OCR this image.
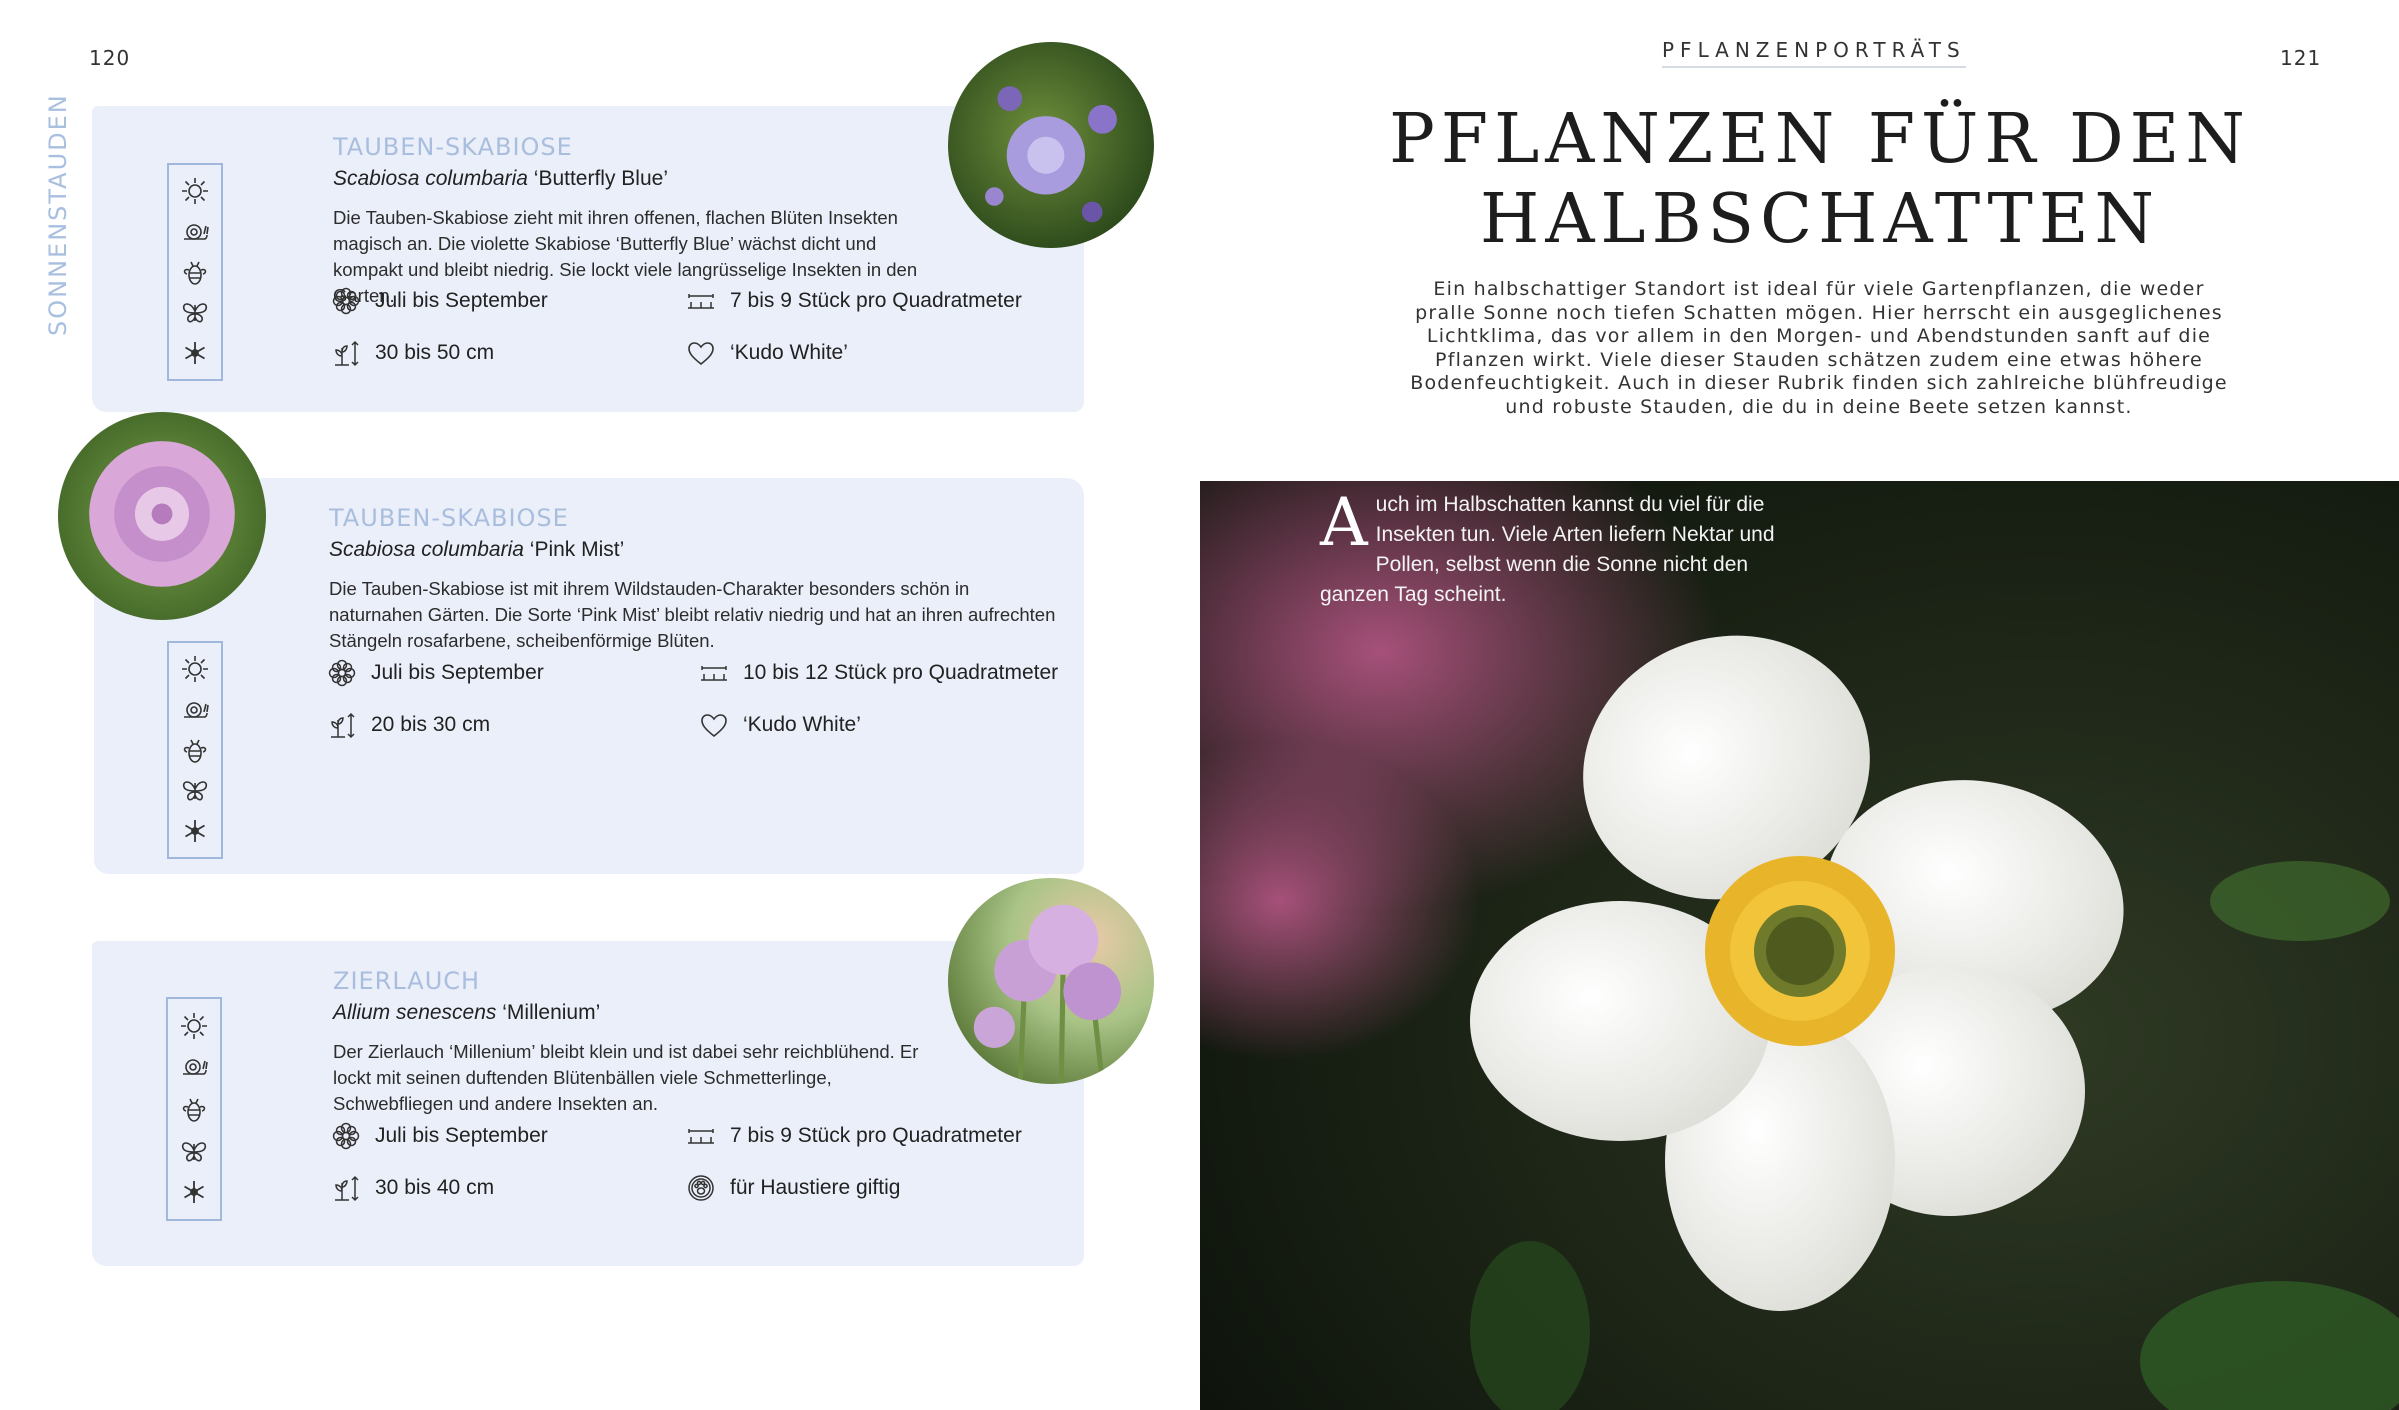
120	121
SONNENSTAUDEN	TAUBEN-SKABIOSE
Scabiosa columbaria ‘Butterfly Blue’
Die Tauben-Skabiose zieht mit ihren offenen, flachen Blüten Insekten magisch an. Die violette Skabiose ‘Butterfly Blue’ wächst dicht und kompakt und bleibt niedrig. Sie lockt viele langrüsselige Insekten in den Garten.
Juli bis September	7 bis 9 Stück pro Quadratmeter
30 bis 50 cm	‘Kudo White’
TAUBEN-SKABIOSE
Scabiosa columbaria ‘Pink Mist’
Die Tauben-Skabiose ist mit ihrem Wildstauden-Charakter besonders schön in naturnahen Gärten. Die Sorte ‘Pink Mist’ bleibt relativ niedrig und hat an ihren aufrechten Stängeln rosafarbene, scheibenförmige Blüten.
Juli bis September	10 bis 12 Stück pro Quadratmeter
20 bis 30 cm	‘Kudo White’
ZIERLAUCH
Allium senescens ‘Millenium’
Der Zierlauch ‘Millenium’ bleibt klein und ist dabei sehr reichblühend. Er lockt mit seinen duftenden Blütenbällen viele Schmetterlinge, Schwebfliegen und andere Insekten an.
Juli bis September	7 bis 9 Stück pro Quadratmeter
30 bis 40 cm	für Haustiere giftig
PFLANZENPORTRÄTS
PFLANZEN FÜR DEN
HALBSCHATTEN
Ein halbschattiger Standort ist ideal für viele Gartenpflanzen, die weder pralle Sonne noch tiefen Schatten mögen. Hier herrscht ein ausgeglichenes Lichtklima, das vor allem in den Morgen- und Abendstunden sanft auf die Pflanzen wirkt. Viele dieser Stauden schätzen zudem eine etwas höhere Bodenfeuchtigkeit. Auch in dieser Rubrik finden sich zahlreiche blühfreudige und robuste Stauden, die du in deine Beete setzen kannst.
Auch im Halbschatten kannst du viel für die Insekten tun. Viele Arten liefern Nektar und Pollen, selbst wenn die Sonne nicht den ganzen Tag scheint.
